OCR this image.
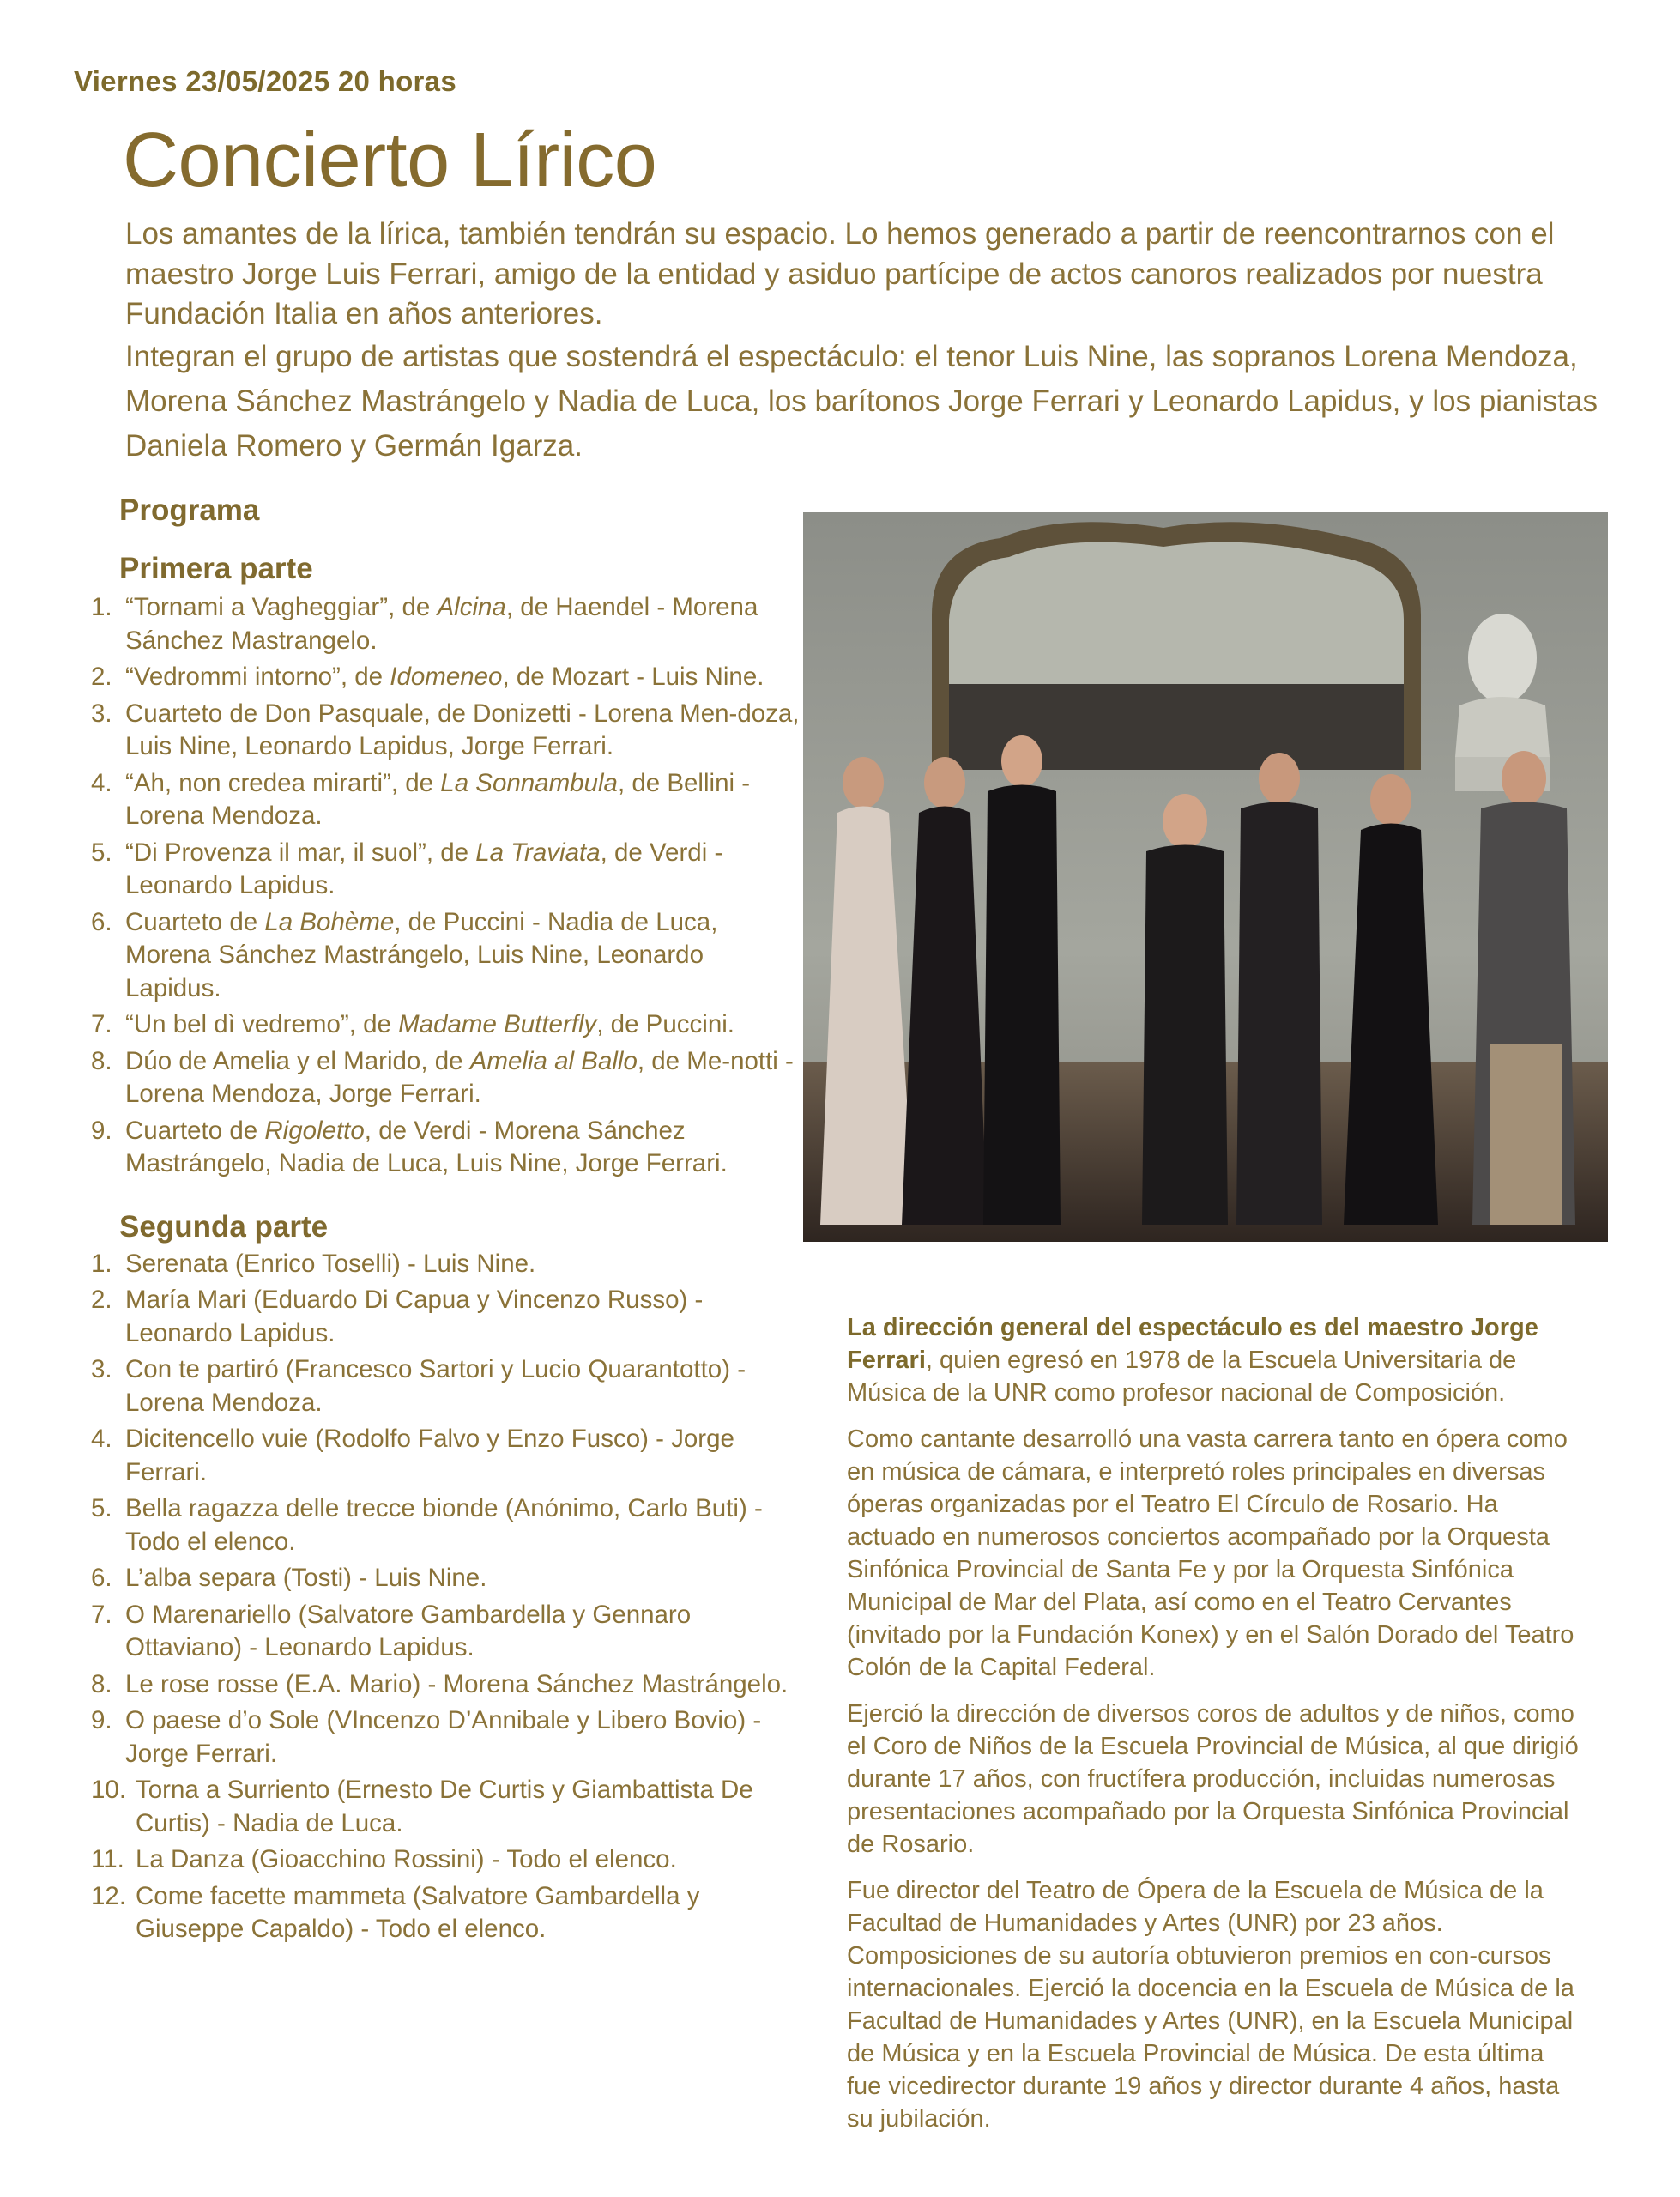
Viernes 23/05/2025 20 horas
Concierto Lírico

Los amantes de la lírica, también tendrán su espacio. Lo hemos generado a partir de reencontrarnos con el maestro Jorge Luis Ferrari, amigo de la entidad y asiduo partícipe de actos canoros realizados por nuestra Fundación Italia en años anteriores.

Integran el grupo de artistas que sostendrá el espectáculo: el tenor Luis Nine, las sopranos Lorena Mendoza, Morena Sánchez Mastrángelo y Nadia de Luca, los barítonos Jorge Ferrari y Leonardo Lapidus, y los pianistas Daniela Romero y Germán Igarza.

Programa
Primera parte
1. “Tornami a Vagheggiar”, de Alcina, de Haendel - Morena Sánchez Mastrangelo.
2. “Vedrommi intorno”, de Idomeneo, de Mozart - Luis Nine.
3. Cuarteto de Don Pasquale, de Donizetti - Lorena Men-doza, Luis Nine, Leonardo Lapidus, Jorge Ferrari.
4. “Ah, non credea mirarti”, de La Sonnambula, de Bellini - Lorena Mendoza.
5. “Di Provenza il mar, il suol”, de La Traviata, de Verdi - Leonardo Lapidus.
6. Cuarteto de La Bohème, de Puccini - Nadia de Luca, Morena Sánchez Mastrángelo, Luis Nine, Leonardo Lapidus.
7. “Un bel dì vedremo”, de Madame Butterfly, de Puccini.
8. Dúo de Amelia y el Marido, de Amelia al Ballo, de Me-notti - Lorena Mendoza, Jorge Ferrari.
9. Cuarteto de Rigoletto, de Verdi - Morena Sánchez Mastrángelo, Nadia de Luca, Luis Nine, Jorge Ferrari.
Segunda parte
1. Serenata (Enrico Toselli) - Luis Nine.
2. María Mari (Eduardo Di Capua y Vincenzo Russo) - Leonardo Lapidus.
3. Con te partiró (Francesco Sartori y Lucio Quarantotto) - Lorena Mendoza.
4. Dicitencello vuie (Rodolfo Falvo y Enzo Fusco) - Jorge Ferrari.
5. Bella ragazza delle trecce bionde (Anónimo, Carlo Buti) - Todo el elenco.
6. L’alba separa (Tosti) - Luis Nine.
7. O Marenariello (Salvatore Gambardella y Gennaro Ottaviano) - Leonardo Lapidus.
8. Le rose rosse (E.A. Mario) - Morena Sánchez Mastrángelo.
9. O paese d’o Sole (VIncenzo D’Annibale y Libero Bovio) - Jorge Ferrari.
10. Torna a Surriento (Ernesto De Curtis y Giambattista De Curtis) - Nadia de Luca.
11. La Danza (Gioacchino Rossini) - Todo el elenco.
12. Come facette mammeta (Salvatore Gambardella y Giuseppe Capaldo) - Todo el elenco.

La dirección general del espectáculo es del maestro Jorge Ferrari, quien egresó en 1978 de la Escuela Universitaria de Música de la UNR como profesor nacional de Composición.

Como cantante desarrolló una vasta carrera tanto en ópera como en música de cámara, e interpretó roles principales en diversas óperas organizadas por el Teatro El Círculo de Rosario. Ha actuado en numerosos conciertos acompañado por la Orquesta Sinfónica Provincial de Santa Fe y por la Orquesta Sinfónica Municipal de Mar del Plata, así como en el Teatro Cervantes (invitado por la Fundación Konex) y en el Salón Dorado del Teatro Colón de la Capital Federal.

Ejerció la dirección de diversos coros de adultos y de niños, como el Coro de Niños de la Escuela Provincial de Música, al que dirigió durante 17 años, con fructífera producción, incluidas numerosas presentaciones acompañado por la Orquesta Sinfónica Provincial de Rosario.

Fue director del Teatro de Ópera de la Escuela de Música de la Facultad de Humanidades y Artes (UNR) por 23 años. Composiciones de su autoría obtuvieron premios en con-cursos internacionales. Ejerció la docencia en la Escuela de Música de la Facultad de Humanidades y Artes (UNR), en la Escuela Municipal de Música y en la Escuela Provincial de Música. De esta última fue vicedirector durante 19 años y director durante 4 años, hasta su jubilación.
